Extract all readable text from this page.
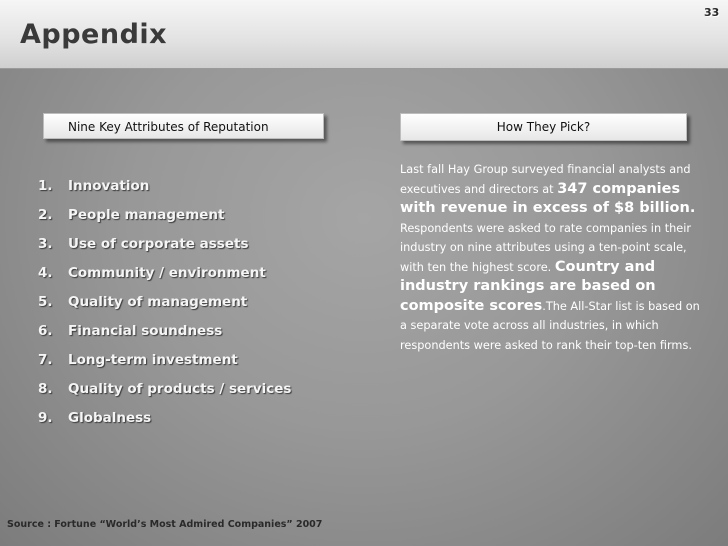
Appendix
33
Nine Key Attributes of Reputation	How They Pick?
1. Innovation
2. People management
3. Use of corporate assets
4. Community / environment
5. Quality of management
6. Financial soundness
7. Long-term investment
8. Quality of products / services
9. Globalness
Last fall Hay Group surveyed financial analysts and executives and directors at 347 companies with revenue in excess of $8 billion. Respondents were asked to rate companies in their industry on nine attributes using a ten-point scale, with ten the highest score. Country and industry rankings are based on composite scores.The All-Star list is based on a separate vote across all industries, in which respondents were asked to rank their top-ten firms.
Source : Fortune “World’s Most Admired Companies” 2007
